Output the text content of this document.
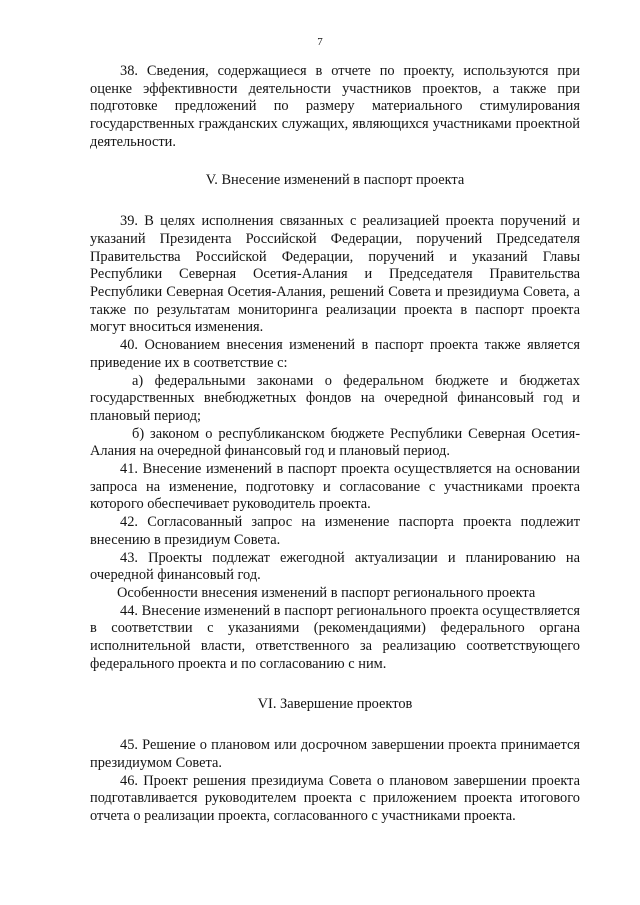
7

38. Сведения, содержащиеся в отчете по проекту, используются при оценке эффективности деятельности участников проектов, а также при подготовке предложений по размеру материального стимулирования государственных гражданских служащих, являющихся участниками проектной деятельности.

V. Внесение изменений в паспорт проекта

39. В целях исполнения связанных с реализацией проекта поручений и указаний Президента Российской Федерации, поручений Председателя Правительства Российской Федерации, поручений и указаний Главы Республики Северная Осетия-Алания и Председателя Правительства Республики Северная Осетия-Алания, решений Совета и президиума Совета, а также по результатам мониторинга реализации проекта в паспорт проекта могут вноситься изменения.

40. Основанием внесения изменений в паспорт проекта также является приведение их в соответствие с:

а) федеральными законами о федеральном бюджете и бюджетах государственных внебюджетных фондов на очередной финансовый год и плановый период;

б) законом о республиканском бюджете Республики Северная Осетия-Алания на очередной финансовый год и плановый период.

41. Внесение изменений в паспорт проекта осуществляется на основании запроса на изменение, подготовку и согласование с участниками проекта которого обеспечивает руководитель проекта.

42. Согласованный запрос на изменение паспорта проекта подлежит внесению в президиум Совета.

43. Проекты подлежат ежегодной актуализации и планированию на очередной финансовый год.

Особенности внесения изменений в паспорт регионального проекта

44. Внесение изменений в паспорт регионального проекта осуществляется в соответствии с указаниями (рекомендациями) федерального органа исполнительной власти, ответственного за реализацию соответствующего федерального проекта и по согласованию с ним.

VI. Завершение проектов

45. Решение о плановом или досрочном завершении проекта принимается президиумом Совета.

46. Проект решения президиума Совета о плановом завершении проекта подготавливается руководителем проекта с приложением проекта итогового отчета о реализации проекта, согласованного с участниками проекта.
